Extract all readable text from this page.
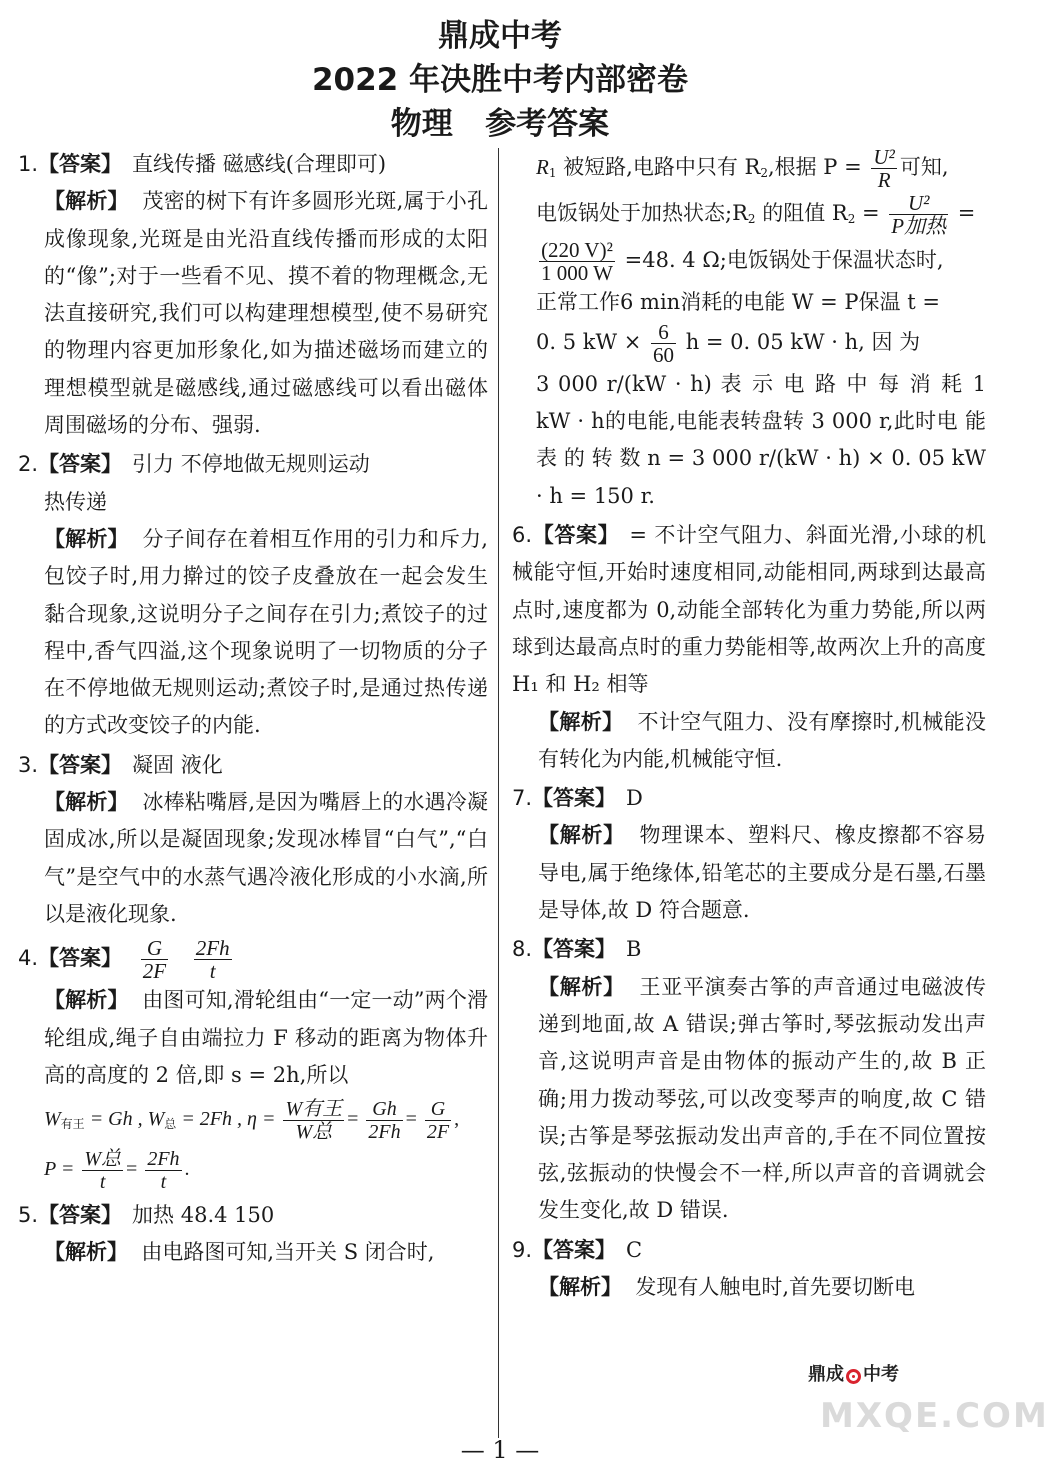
鼎成中考
2022 年决胜中考内部密卷
物理   参考答案

1.【答案】 直线传播 磁感线(合理即可)

【解析】 茂密的树下有许多圆形光斑,属于小孔成像现象,光斑是由光沿直线传播而形成的太阳的“像”;对于一些看不见、摸不着的物理概念,无法直接研究,我们可以构建理想模型,使不易研究的物理内容更加形象化,如为描述磁场而建立的理想模型就是磁感线,通过磁感线可以看出磁体周围磁场的分布、强弱.

2.【答案】 引力 不停地做无规则运动

热传递

【解析】 分子间存在着相互作用的引力和斥力,包饺子时,用力擀过的饺子皮叠放在一起会发生黏合现象,这说明分子之间存在引力;煮饺子的过程中,香气四溢,这个现象说明了一切物质的分子在不停地做无规则运动;煮饺子时,是通过热传递的方式改变饺子的内能.

3.【答案】 凝固 液化

【解析】 冰棒粘嘴唇,是因为嘴唇上的水遇冷凝固成冰,所以是凝固现象;发现冰棒冒“白气”,“白气”是空气中的水蒸气遇冷液化形成的小水滴,所以是液化现象.

4.【答案】 $\frac{G}{2F}$
$\frac{2Fh}{t}$

【解析】 由图可知,滑轮组由“一定一动”两个滑轮组成,绳子自由端拉力 F 移动的距离为物体升高的高度的 2 倍,即 s = 2h,所以

$W_{有王} = Gh$ , $W_总 = 2Fh$ , $\eta = \frac{\text{W有王}}{\text{W总}} = \frac{Gh}{2Fh} = \frac{G}{2F}$ ,

$P = \frac{\text{W总}}{t} = \frac{2Fh}{t}$ .

5.【答案】 加热 48.4 150

【解析】 由电路图可知,当开关 S 闭合时,

$R_1$ 被短路,电路中只有 $R_2$,根据 $P = \frac{\text{U²}}{R}$ 可知,

电饭锅处于加热状态$;R_2$ 的阻值 $R_2 = \frac{\text{U²}}{\text{P加热}}$ =

$\frac{\text{(220 V)²}}{1 000 W} =48$. 4 Ω;电饭锅处于保温状态时,

正常工作6 min消耗的电能 W = P保温 t =

0. 5 kW × $\frac{6}{60}$ h = 0. 05 kW · h, 因 为

3 000 r/(kW · h) 表 示 电 路 中 每 消 耗 1 kW · h的电能,电能表转盘转 3 000 r,此时电 能 表 的 转 数 n = 3 000 r/(kW · h) × 0. 05 kW · h = 150 r.

6.【答案】 = 不计空气阻力、斜面光滑,小球的机械能守恒,开始时速度相同,动能相同,两球到达最高点时,速度都为 0,动能全部转化为重力势能,所以两球到达最高点时的重力势能相等,故两次上升的高度 H₁ 和 H₂ 相等

【解析】 不计空气阻力、没有摩擦时,机械能没有转化为内能,机械能守恒.

7.【答案】 D

【解析】 物理课本、塑料尺、橡皮擦都不容易导电,属于绝缘体,铅笔芯的主要成分是石墨,石墨是导体,故 D 符合题意.

8.【答案】 B

【解析】 王亚平演奏古筝的声音通过电磁波传递到地面,故 A 错误;弹古筝时,琴弦振动发出声音,这说明声音是由物体的振动产生的,故 B 正确;用力拨动琴弦,可以改变琴声的响度,故 C 错误;古筝是琴弦振动发出声音的,手在不同位置按弦,弦振动的快慢会不一样,所以声音的音调就会发生变化,故 D 错误.

9.【答案】 C

【解析】 发现有人触电时,首先要切断电

鼎成 中考
MXQE.COM
— 1 —
